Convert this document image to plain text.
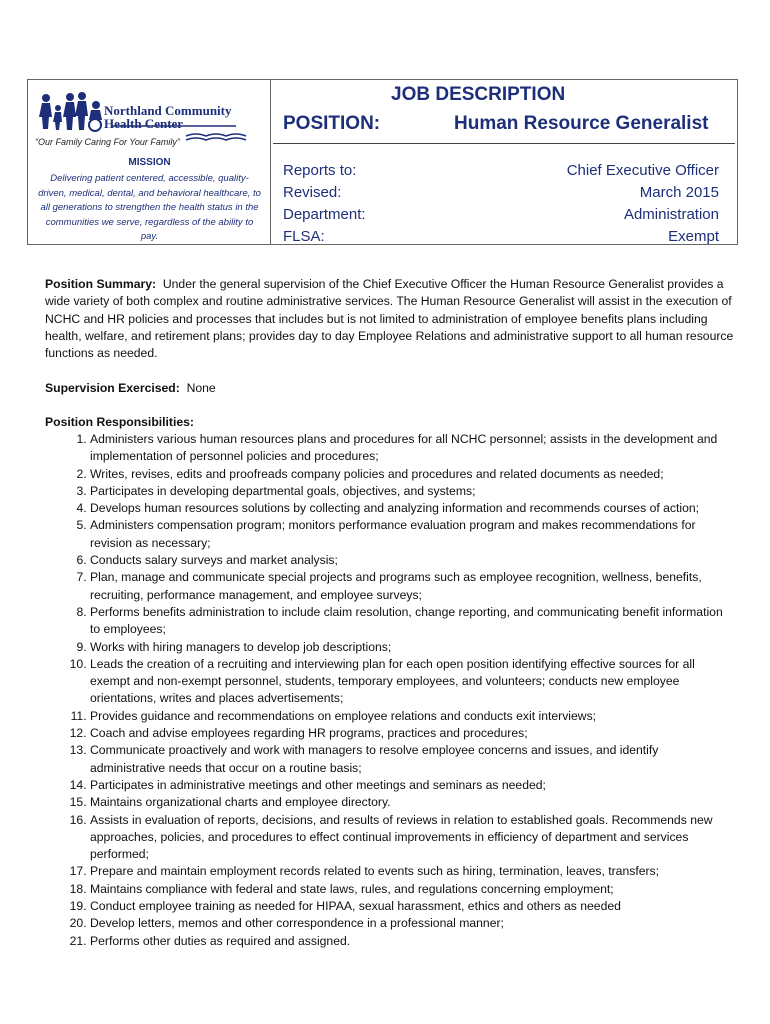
Northland Community
Health Center
“Our Family Caring For Your Family”
MISSION
Delivering patient centered, accessible, quality-driven, medical, dental, and behavioral healthcare, to all generations to strengthen the health status in the communities we serve, regardless of the ability to pay.
JOB DESCRIPTION
POSITION:	Human Resource Generalist
Reports to:	Chief Executive Officer
Revised:	March 2015
Department:	Administration
FLSA:	Exempt
Position Summary: Under the general supervision of the Chief Executive Officer the Human Resource Generalist provides a wide variety of both complex and routine administrative services. The Human Resource Generalist will assist in the execution of NCHC and HR policies and processes that includes but is not limited to administration of employee benefits plans including health, welfare, and retirement plans; provides day to day Employee Relations and administrative support to all human resource functions as needed.
Supervision Exercised: None
Position Responsibilities:
1. Administers various human resources plans and procedures for all NCHC personnel; assists in the development and implementation of personnel policies and procedures;
2. Writes, revises, edits and proofreads company policies and procedures and related documents as needed;
3. Participates in developing departmental goals, objectives, and systems;
4. Develops human resources solutions by collecting and analyzing information and recommends courses of action;
5. Administers compensation program; monitors performance evaluation program and makes recommendations for revision as necessary;
6. Conducts salary surveys and market analysis;
7. Plan, manage and communicate special projects and programs such as employee recognition, wellness, benefits, recruiting, performance management, and employee surveys;
8. Performs benefits administration to include claim resolution, change reporting, and communicating benefit information to employees;
9. Works with hiring managers to develop job descriptions;
10. Leads the creation of a recruiting and interviewing plan for each open position identifying effective sources for all exempt and non-exempt personnel, students, temporary employees, and volunteers; conducts new employee orientations, writes and places advertisements;
11. Provides guidance and recommendations on employee relations and conducts exit interviews;
12. Coach and advise employees regarding HR programs, practices and procedures;
13. Communicate proactively and work with managers to resolve employee concerns and issues, and identify administrative needs that occur on a routine basis;
14. Participates in administrative meetings and other meetings and seminars as needed;
15. Maintains organizational charts and employee directory.
16. Assists in evaluation of reports, decisions, and results of reviews in relation to established goals. Recommends new approaches, policies, and procedures to effect continual improvements in efficiency of department and services performed;
17. Prepare and maintain employment records related to events such as hiring, termination, leaves, transfers;
18. Maintains compliance with federal and state laws, rules, and regulations concerning employment;
19. Conduct employee training as needed for HIPAA, sexual harassment, ethics and others as needed
20. Develop letters, memos and other correspondence in a professional manner;
21. Performs other duties as required and assigned.
